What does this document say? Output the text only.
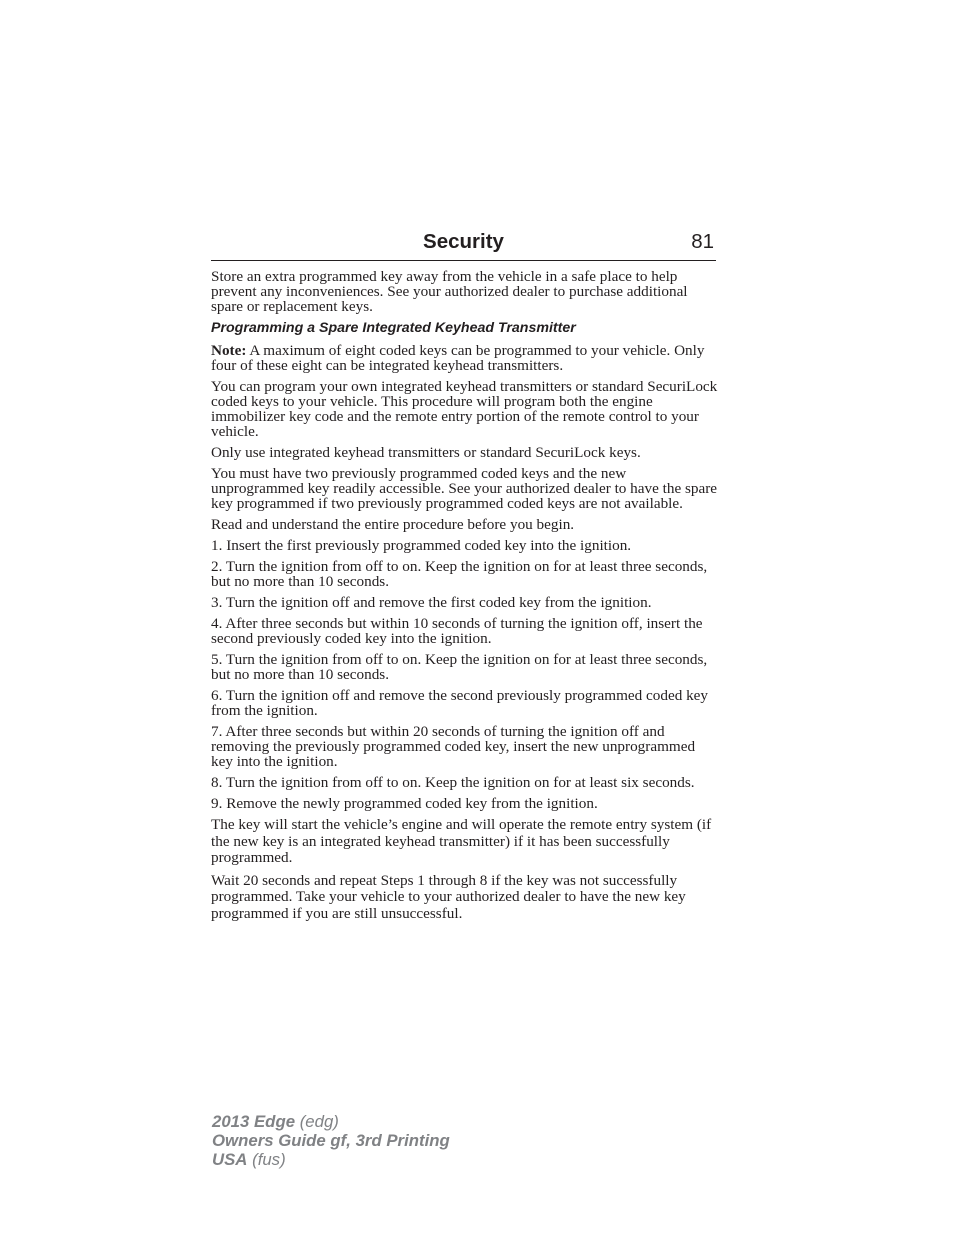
Security	81

Store an extra programmed key away from the vehicle in a safe place to help prevent any inconveniences. See your authorized dealer to purchase additional spare or replacement keys.

Programming a Spare Integrated Keyhead Transmitter

Note: A maximum of eight coded keys can be programmed to your vehicle. Only four of these eight can be integrated keyhead transmitters.

You can program your own integrated keyhead transmitters or standard SecuriLock coded keys to your vehicle. This procedure will program both the engine immobilizer key code and the remote entry portion of the remote control to your vehicle.

Only use integrated keyhead transmitters or standard SecuriLock keys.

You must have two previously programmed coded keys and the new unprogrammed key readily accessible. See your authorized dealer to have the spare key programmed if two previously programmed coded keys are not available.

Read and understand the entire procedure before you begin.

1. Insert the first previously programmed coded key into the ignition.

2. Turn the ignition from off to on. Keep the ignition on for at least three seconds, but no more than 10 seconds.

3. Turn the ignition off and remove the first coded key from the ignition.

4. After three seconds but within 10 seconds of turning the ignition off, insert the second previously coded key into the ignition.

5. Turn the ignition from off to on. Keep the ignition on for at least three seconds, but no more than 10 seconds.

6. Turn the ignition off and remove the second previously programmed coded key from the ignition.

7. After three seconds but within 20 seconds of turning the ignition off and removing the previously programmed coded key, insert the new unprogrammed key into the ignition.

8. Turn the ignition from off to on. Keep the ignition on for at least six seconds.

9. Remove the newly programmed coded key from the ignition.

The key will start the vehicle’s engine and will operate the remote entry system (if the new key is an integrated keyhead transmitter) if it has been successfully programmed.

Wait 20 seconds and repeat Steps 1 through 8 if the key was not successfully programmed. Take your vehicle to your authorized dealer to have the new key programmed if you are still unsuccessful.

2013 Edge (edg)
Owners Guide gf, 3rd Printing
USA (fus)
